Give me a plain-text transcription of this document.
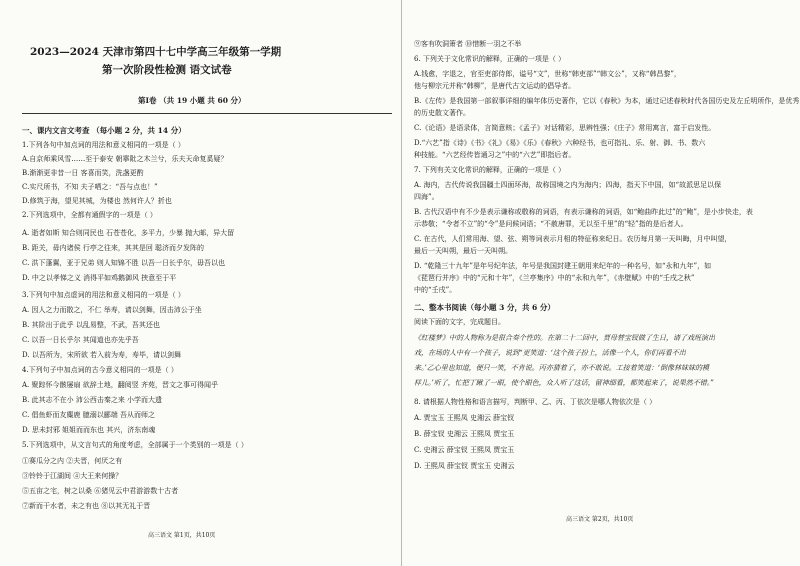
2023—2024 天津市第四十七中学高三年级第一学期
第一次阶段性检测 语文试卷
第Ⅰ卷 （共 19 小题 共 60 分）
一、课内文言文考查 （每小题 2 分，共 14 分）
1.下列各句中加点词的用法和意义相同的一项是（ ）
A.自京师乘风雪……至于泰安 朝搴阰之木兰兮，乐夫天命复奚疑？
B.渐渐更非昔一日 客喜而笑，洗盏更酌
C.实尺所书，不知 夫子哂之：“吾与点也！”
D.修筑于海，望见其城，为楼也 然何许人？折也
2.下列选项中，全都有通假字的一项是（ ）
A. 逝者如斯 知合则同民也 石苍苍化，多平力，少暴 抛大邮，异大留
B. 距关，毋内诸侯 行亭之往来，其其是回 聪济而夕发阵的
C. 洪下蓬翼，亚于兄弟 则人知锦不胜 以吾一日长乎尔，毋吾以也
D. 中之以孝悌之义 消得平如鸡鹅御风 挟意至于平
3.下列句中加点虚词的用法和意义相同的一项是（ ）
A. 因人之力而散之，不仁 举寿，请以剑舞，因击沛公于坐
B. 其阶出于此乎 以乱易整，不武，吾其还也
C. 以吾一日长乎尔 其闻道也亦先乎吾
D. 以吾所为，宋所欲 若入前为寿，寿毕，请以剑舞
4.下列句子中加点词的古今意义相同的一项是（ ）
A. 聚踪怀今骸屡扇 欲辞土地，翻阅竖 齐苑，晋文之事可得闻乎
B. 此其志不在小 沛公西击秦之来 小学而大遗
C. 倡鱼虾而友麋鹿 臆溺以郦端 吾从而师之
D. 思未封邪 姐姐而而东也 其兴，济东南魂
5.下列选项中，从文言句式的角度考虑，全部属于一个类别的一项是（ ）
①赛瓜分之内 ②夫晋，何厌之有
③铃铃于江湖间 ④大王来何操？
⑤五亩之宅，树之以桑 ⑥猪见云中君游游数十古者
⑦新而干水者，未之有也 ⑧以其无礼于晋
高三语文 第1页，共10页
⑨客有吹洞箫者 ⑩惜断一羽之不举
6. 下列关于文化常识的解释，正确的一项是（ ）
A.钱愈，字退之，官至吏部侍郎，谥号“文”，世称“韩吏部”“韩文公”，又称“韩昌黎”，
他与柳宗元并称“韩柳”，是唐代古文运动的倡导者。
B.《左传》是我国第一部叙事详细的编年体历史著作，它以《春秋》为本，通过记述春秋时代各国历史及左丘明所作，是优秀
的历史散文著作。
C.《论语》是语录体，言简意赅；《孟子》对话精彩，思辨性强；《庄子》常用寓言，富于启发性。
D.“六艺”指《诗》《书》《礼》《易》《乐》《春秋》六种经书，也可指礼、乐、射、御、书、数六
种技能。“六艺经传皆通习之”中的“六艺”即指后者。
7. 下列有关文化常识的解释，正确的一项是（ ）
A. 海内，古代传说我国疆土四面环海，故称国境之内为海内；四海，指天下中国，如“故派思足以保
四海”。
B. 古代汉语中有不少是表示谦称或敬称的词语，有表示谦称的词语，如“鲍曲昨此过”的“鲍”，是小步快走，表
示恭敬；“令者不立”的“令”是问候词语；“不赦唐罪，无以至千里”的“轻”指的是后者人。
C. 在古代，人们常用海、望、弦、朔等词表示月相的特征称来纪日。农历每月第一天叫晦，月中叫望，
最后一天叫朔，最后一天叫朔。
D. “乾隆三十九年”是年号纪年法，年号是我国封建王朝用来纪年的一种名号，如“永和九年”，如
《琵琶行并序》中的“元和十年”，《兰亭集序》中的“永和九年”，《赤壁赋》中的“壬戌之秋”
中的“壬戌”。
二、整本书阅读（每小题 3 分，共 6 分）
阅读下面的文字，完成题目。
《红楼梦》中的人物称为是很合奏个性的。在第二十二回中，贾母替宝钗做了生日，请了戏班演出
戏，在场的人中有一个孩子，说到“更笑道：‘这个孩子扮上，活像一个人，你们再看不出
来。’乙心里也知道，便只一笑，不肯说。丙亦猜着了，亦不敢说。工接着笑道：‘倒像林妹妹的模
样儿。’听了，忙把丁瞅了一眼，使个眼色，众人听了这话，留神细看，都笑起来了，说果然不错。”
8. 请根据人物性格和语言描写，判断甲、乙、丙、丁依次是哪人物依次是（ ）
A. 贾宝玉 王熙凤 史湘云 薛宝钗
B. 薛宝钗 史湘云 王熙凤 贾宝玉
C. 史湘云 薛宝钗 王熙凤 贾宝玉
D. 王熙凤 薛宝钗 贾宝玉 史湘云
高三语文 第2页，共10页
